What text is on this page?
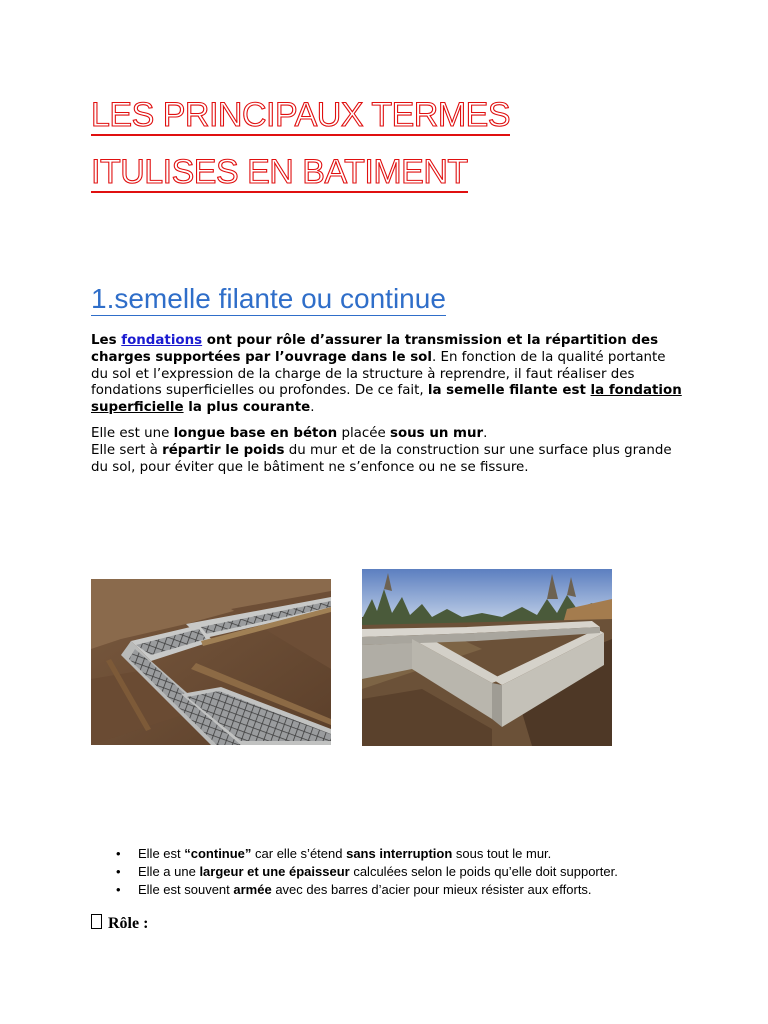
LES PRINCIPAUX TERMES
ITULISES EN BATIMENT
1.semelle filante ou continue
Les fondations ont pour rôle d’assurer la transmission et la répartition des charges supportées par l’ouvrage dans le sol. En fonction de la qualité portante du sol et l’expression de la charge de la structure à reprendre, il faut réaliser des fondations superficielles ou profondes. De ce fait, la semelle filante est la fondation superficielle la plus courante.
Elle est une longue base en béton placée sous un mur.
Elle sert à répartir le poids du mur et de la construction sur une surface plus grande du sol, pour éviter que le bâtiment ne s’enfonce ou ne se fissure.
• Elle est “continue” car elle s’étend sans interruption sous tout le mur.
• Elle a une largeur et une épaisseur calculées selon le poids qu’elle doit supporter.
• Elle est souvent armée avec des barres d’acier pour mieux résister aux efforts.
Rôle :
